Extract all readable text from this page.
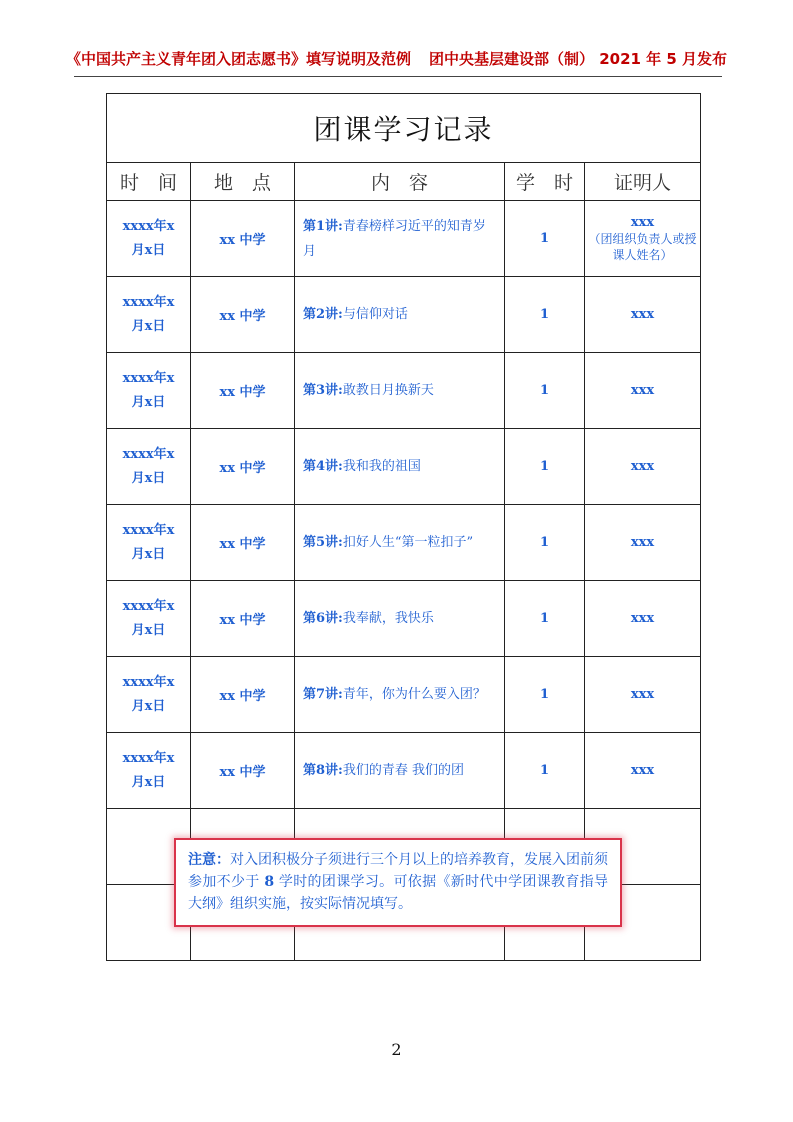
《中国共产主义青年团入团志愿书》填写说明及范例 团中央基层建设部（制） 2021 年 5 月发布
团课学习记录				
时　间	地　点	内　容	学　时	证明人
xxxx年x
月x日	xx 中学	第1讲:青春榜样习近平的知青岁月	1	xxx
（团组织负责人或授课人姓名）

xxxx年x
月x日	xx 中学	第2讲:与信仰对话	1	xxx
xxxx年x
月x日	xx 中学	第3讲:敢教日月换新天	1	xxx
xxxx年x
月x日	xx 中学	第4讲:我和我的祖国	1	xxx
xxxx年x
月x日	xx 中学	第5讲:扣好人生“第一粒扣子”	1	xxx
xxxx年x
月x日	xx 中学	第6讲:我奉献，我快乐	1	xxx
xxxx年x
月x日	xx 中学	第7讲:青年，你为什么要入团？	1	xxx
xxxx年x
月x日	xx 中学	第8讲:我们的青春 我们的团	1	xxx

注意：对入团积极分子须进行三个月以上的培养教育，发展入团前须参加不少于 8 学时的团课学习。可依据《新时代中学团课教育指导大纲》组织实施，按实际情况填写。
2
